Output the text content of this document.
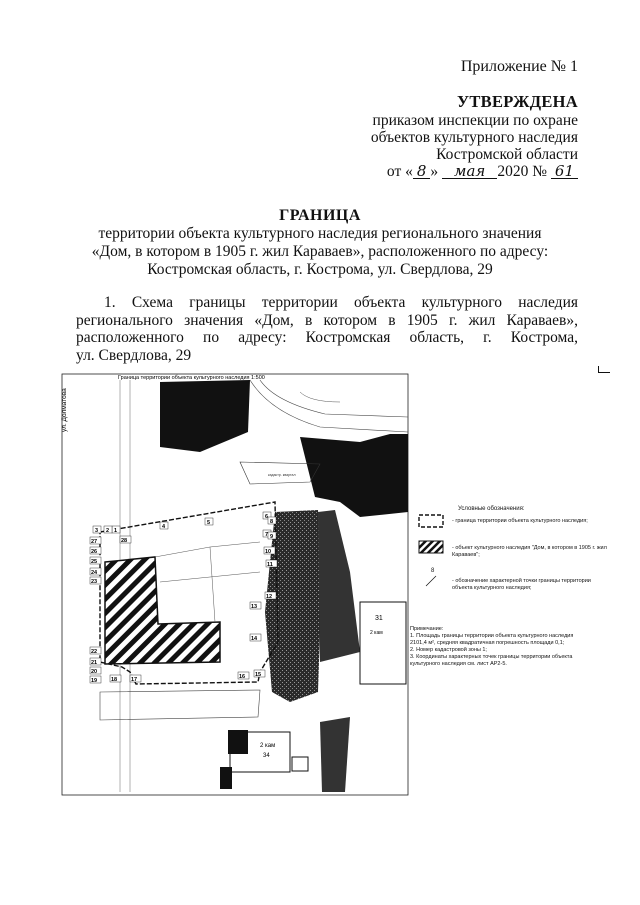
Приложение № 1
УТВЕРЖДЕНА
приказом инспекции по охране
объектов культурного наследия
Костромской области
от « 8 » мая 2020 № 61
ГРАНИЦА
территории объекта культурного наследия регионального значения
«Дом, в котором в 1905 г. жил Караваев», расположенного по адресу:
Костромская область, г. Кострома, ул. Свердлова, 29
1. Схема границы территории объекта культурного наследия
регионального значения «Дом, в котором в 1905 г. жил Караваев»,
расположенного по адресу: Костромская область, г. Кострома,
ул. Свердлова, 29
Граница территории объекта культурного наследия 1:500
ул. Долматова
кадастр. квартал
31
2 кам
2 кам
34
1
2
3
4
5
6
7
8
9
10
11
12
13
14
15
16
17
18
19
20
21
22
23
24
25
26
27	28
Условные обозначения:
- граница территории объекта культурного наследия;
- объект культурного наследия "Дом, в котором в 1905 г. жил Караваев";
8
- обозначение характерной точки границы территории объекта культурного наследия;
Примечание:
1. Площадь границы территории объекта культурного наследия
2101,4 м², средняя квадратичная погрешность площади 0,1;
2. Номер кадастровой зоны 1;
3. Координаты характерных точек границы территории объекта
культурного наследия см. лист АР2-5.
